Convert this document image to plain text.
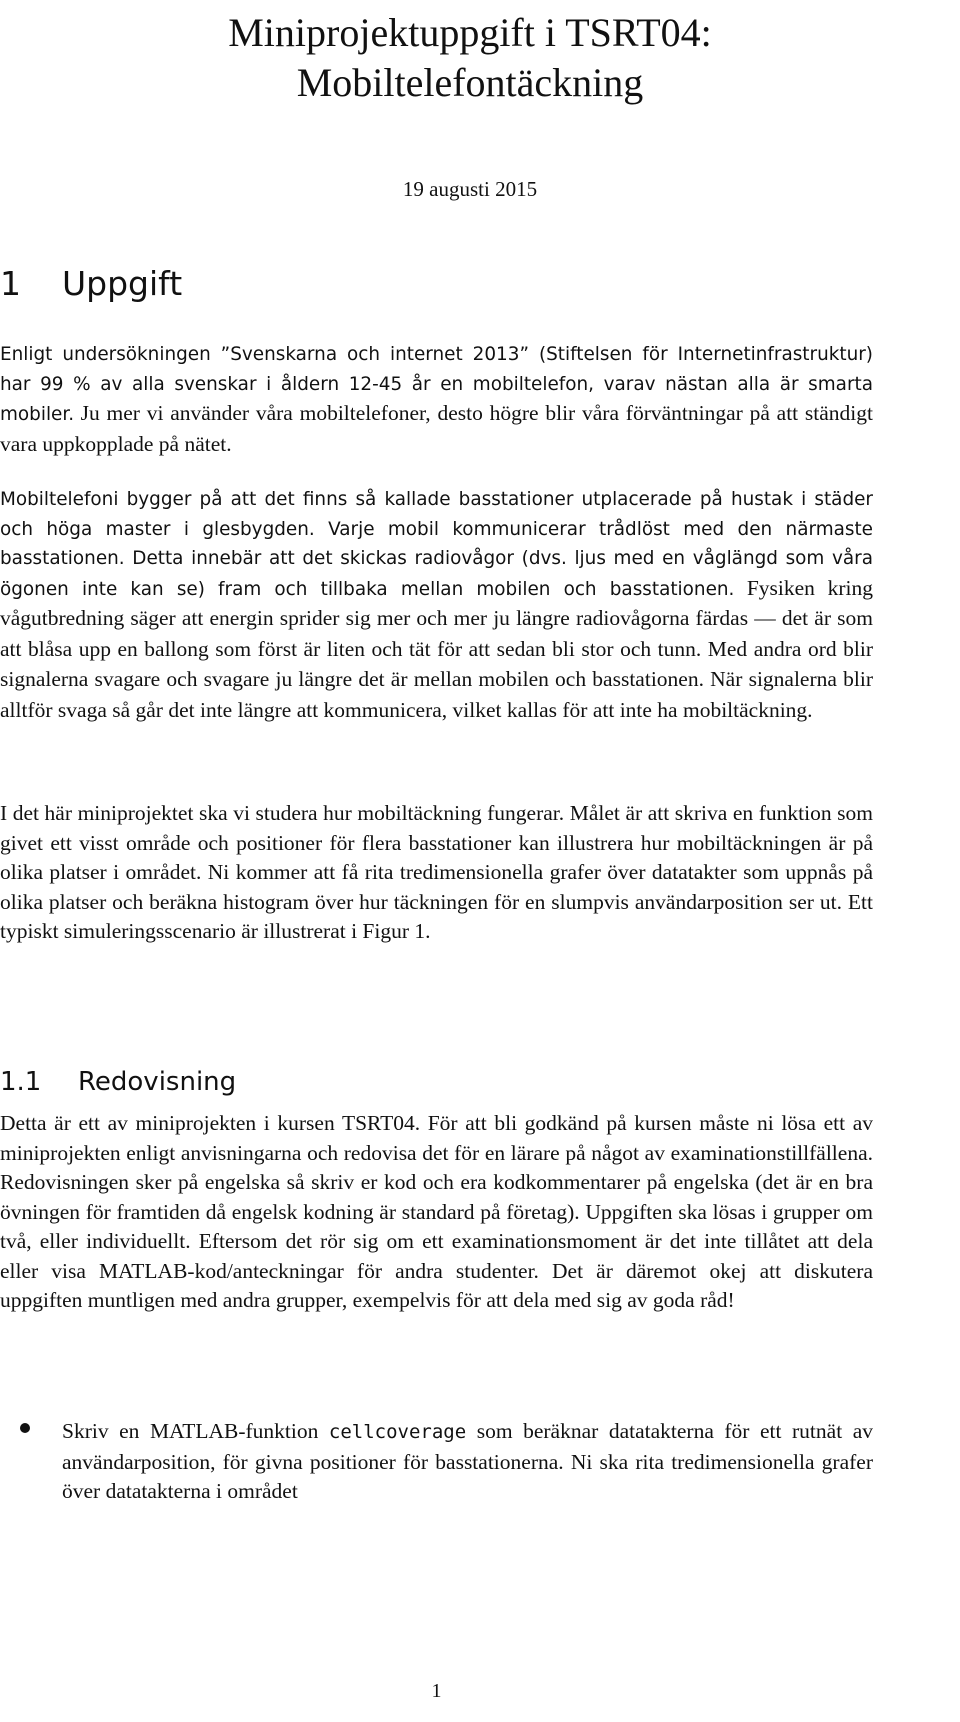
Miniprojektuppgift i TSRT04:
Mobiltelefontäckning
19 augusti 2015
1 Uppgift

Enligt undersökningen ”Svenskarna och internet 2013” (Stiftelsen för Internetinfrastruktur) har 99 % av alla svenskar i åldern 12-45 år en mobiltelefon, varav nästan alla är smarta mobiler. Ju mer vi använder våra mobiltelefoner, desto högre blir våra förväntningar på att ständigt vara uppkopplade på nätet.

Mobiltelefoni bygger på att det finns så kallade basstationer utplacerade på hustak i städer och höga master i glesbygden. Varje mobil kommunicerar trådlöst med den närmaste basstationen. Detta innebär att det skickas radiovågor (dvs. ljus med en våglängd som våra ögonen inte kan se) fram och tillbaka mellan mobilen och basstationen. Fysiken kring vågutbredning säger att energin sprider sig mer och mer ju längre radiovågorna färdas — det är som att blåsa upp en ballong som först är liten och tät för att sedan bli stor och tunn. Med andra ord blir signalerna svagare och svagare ju längre det är mellan mobilen och basstationen. När signalerna blir alltför svaga så går det inte längre att kommunicera, vilket kallas för att inte ha mobiltäckning.

I det här miniprojektet ska vi studera hur mobiltäckning fungerar. Målet är att skriva en funktion som givet ett visst område och positioner för flera basstationer kan illustrera hur mobiltäckningen är på olika platser i området. Ni kommer att få rita tredimensionella grafer över datatakter som uppnås på olika platser och beräkna histogram över hur täckningen för en slumpvis användarposition ser ut. Ett typiskt simuleringsscenario är illustrerat i Figur 1.

1.1 Redovisning

Detta är ett av miniprojekten i kursen TSRT04. För att bli godkänd på kursen måste ni lösa ett av miniprojekten enligt anvisningarna och redovisa det för en lärare på något av examinationstillfällena. Redovisningen sker på engelska så skriv er kod och era kodkommentarer på engelska (det är en bra övningen för framtiden då engelsk kodning är standard på företag). Uppgiften ska lösas i grupper om två, eller individuellt. Eftersom det rör sig om ett examinationsmoment är det inte tillåtet att dela eller visa MATLAB-kod/anteckningar för andra studenter. Det är däremot okej att diskutera uppgiften muntligen med andra grupper, exempelvis för att dela med sig av goda råd!

Skriv en MATLAB-funktion cellcoverage som beräknar datatakterna för ett rutnät av användarposition, för givna positioner för basstationerna. Ni ska rita tredimensionella grafer över datatakterna i området

1
